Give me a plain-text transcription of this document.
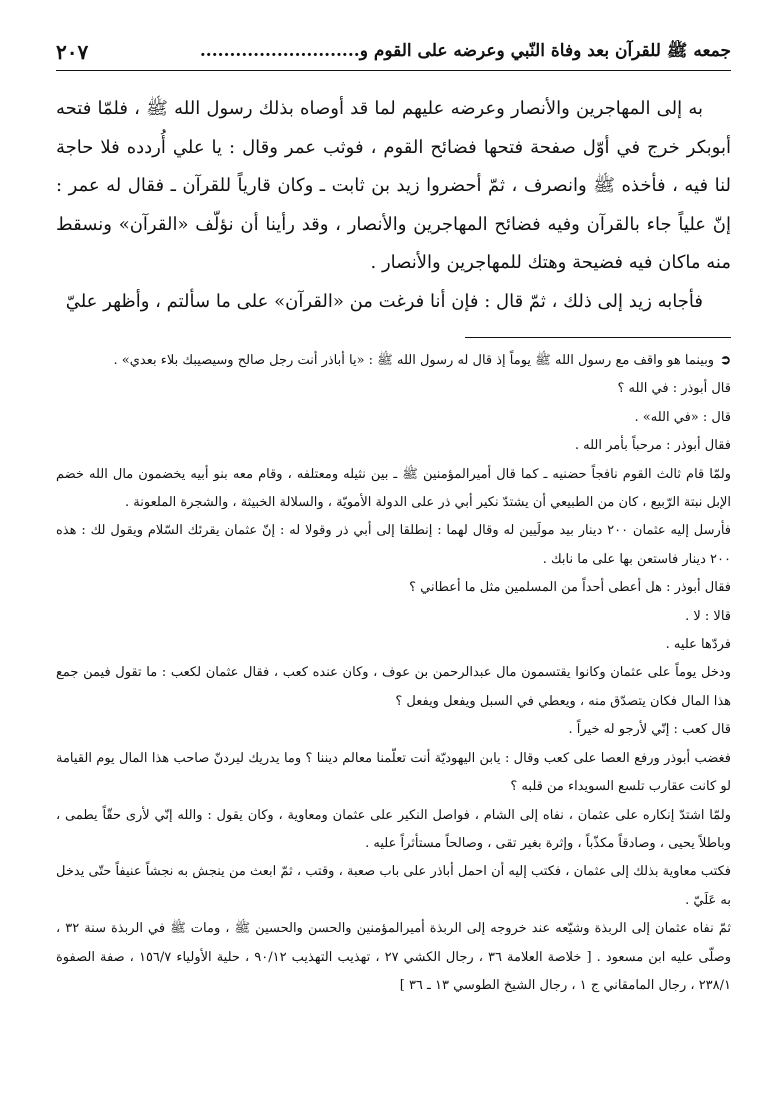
جمعه ﷺ للقرآن بعد وفاة النّبي وعرضه على القوم و...........................
٢٠٧

به إلى المهاجرين والأنصار وعرضه عليهم لما قد أوصاه بذلك رسول الله ﷺ ، فلمّا فتحه أبوبكر خرج في أوّل صفحة فتحها فضائح القوم ، فوثب عمر وقال : يا علي أُردده فلا حاجة لنا فيه ، فأخذه ﷺ وانصرف ، ثمّ أحضروا زيد بن ثابت ـ وكان قارياً للقرآن ـ فقال له عمر : إنّ علياً جاء بالقرآن وفيه فضائح المهاجرين والأنصار ، وقد رأينا أن نؤلّف «القرآن» ونسقط منه ماكان فيه فضيحة وهتك للمهاجرين والأنصار .

فأجابه زيد إلى ذلك ، ثمّ قال : فإن أنا فرغت من «القرآن» على ما سألتم ، وأظهر عليّ

➲وبينما هو واقف مع رسول الله ﷺ يوماً إذ قال له رسول الله ﷺ : «يا أباذر أنت رجل صالح وسيصيبك بلاء بعدي» .

قال أبوذر : في الله ؟

قال : «في الله» .

فقال أبوذر : مرحباً بأمر الله .

ولمّا قام ثالث القوم نافجاً حضنيه ـ كما قال أميرالمؤمنين ﷺ ـ بين نثيله ومعتلفه ، وقام معه بنو أبيه يخضمون مال الله خضم الإبل نبتة الرّبيع ، كان من الطبيعي أن يشتدّ نكير أبي ذر على الدولة الأمويّة ، والسلالة الخبيثة ، والشجرة الملعونة .

فأرسل إليه عثمان ٢٠٠ دينار بيد مولَيين له وقال لهما : إنطلقا إلى أبي ذر وقولا له : إنّ عثمان يقرئك السّلام ويقول لك : هذه ٢٠٠ دينار فاستعن بها على ما نابك .

فقال أبوذر : هل أعطى أحداً من المسلمين مثل ما أعطاني ؟

قالا : لا .

فردّها عليه .

ودخل يوماً على عثمان وكانوا يقتسمون مال عبدالرحمن بن عوف ، وكان عنده كعب ، فقال عثمان لكعب : ما تقول فيمن جمع هذا المال فكان يتصدّق منه ، ويعطي في السبل ويفعل ويفعل ؟

قال كعب : إنّي لأرجو له خيراً .

فغضب أبوذر ورفع العصا على كعب وقال : يابن اليهوديّة أنت تعلّمنا معالم ديننا ؟ وما يدريك ليردنّ صاحب هذا المال يوم القيامة لو كانت عقارب تلسع السويداء من قلبه ؟

ولمّا اشتدّ إنكاره على عثمان ، نفاه إلى الشام ، فواصل النكير على عثمان ومعاوية ، وكان يقول : والله إنّي لأرى حقّاً يطمى ، وباطلاً يحيى ، وصادقاً مكذّباً ، وإثرة بغير تقى ، وصالحاً مستأثراً عليه .

فكتب معاوية بذلك إلى عثمان ، فكتب إليه أن احمل أباذر على باب صعبة ، وقتب ، ثمّ ابعث من ينجش به نجشاً عنيفاً حتّى يدخل به عَلَيّ .

ثمّ نفاه عثمان إلى الربذة وشيّعه عند خروجه إلى الربذة أميرالمؤمنين والحسن والحسين ﷺ ، ومات ﷺ في الربذة سنة ٣٢ ، وصلّى عليه ابن مسعود . [ خلاصة العلامة ٣٦ ، رجال الكشي ٢٧ ، تهذيب التهذيب ٩٠/١٢ ، حلية الأولياء ١٥٦/٧ ، صفة الصفوة ٢٣٨/١ ، رجال المامقاني ج ١ ، رجال الشيخ الطوسي ١٣ ـ ٣٦ ]
